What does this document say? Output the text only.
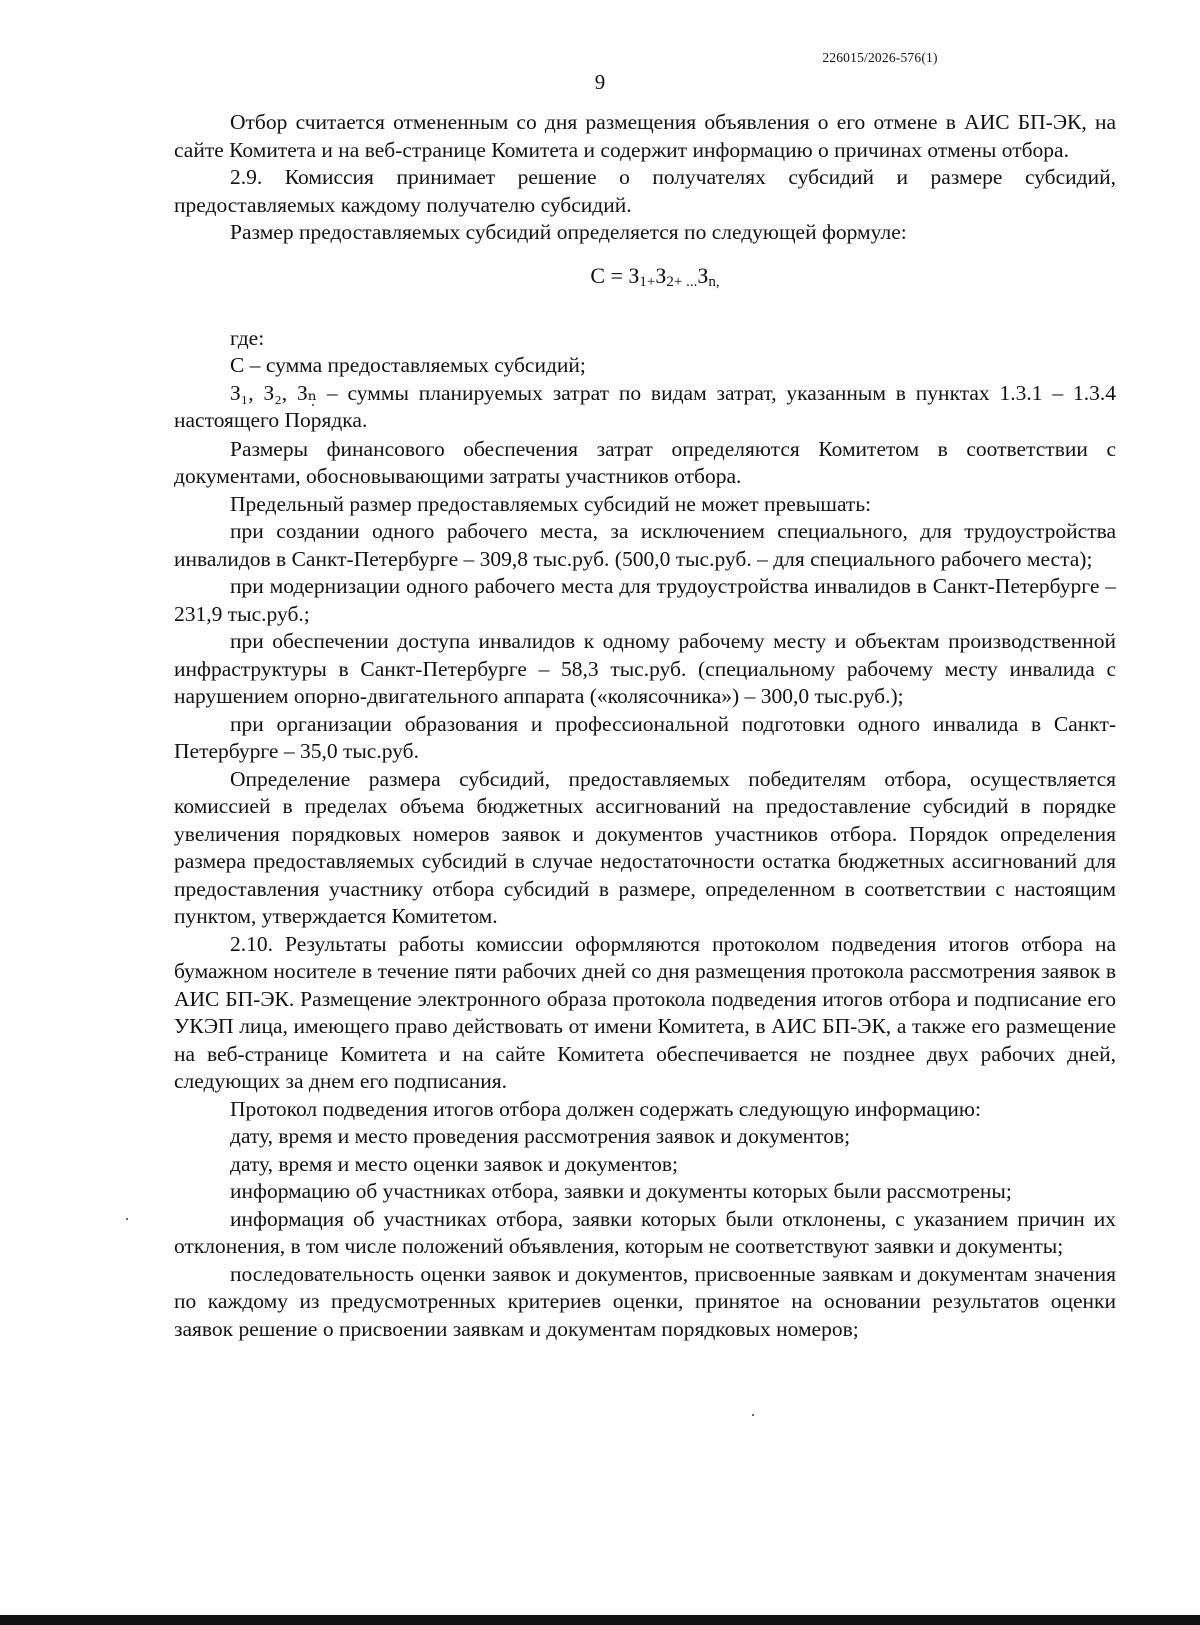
226015/2026-576(1)
9

Отбор считается отмененным со дня размещения объявления о его отмене в АИС БП-ЭК, на сайте Комитета и на веб-странице Комитета и содержит информацию о причинах отмены отбора.

2.9. Комиссия принимает решение о получателях субсидий и размере субсидий, предоставляемых каждому получателю субсидий.

Размер предоставляемых субсидий определяется по следующей формуле:

С = З1+З2+ ...Зn,

где:

С – сумма предоставляемых субсидий;

З₁, З₂, Зₙ – суммы планируемых затрат по видам затрат, указанным в пунктах 1.3.1 – 1.3.4 настоящего Порядка.

Размеры финансового обеспечения затрат определяются Комитетом в соответствии с документами, обосновывающими затраты участников отбора.

Предельный размер предоставляемых субсидий не может превышать:

при создании одного рабочего места, за исключением специального, для трудоустройства инвалидов в Санкт-Петербурге – 309,8 тыс.руб. (500,0 тыс.руб. – для специального рабочего места);

при модернизации одного рабочего места для трудоустройства инвалидов в Санкт-Петербурге – 231,9 тыс.руб.;

при обеспечении доступа инвалидов к одному рабочему месту и объектам производственной инфраструктуры в Санкт-Петербурге – 58,3 тыс.руб. (специальному рабочему месту инвалида с нарушением опорно-двигательного аппарата («колясочника») – 300,0 тыс.руб.);

при организации образования и профессиональной подготовки одного инвалида в Санкт-Петербурге – 35,0 тыс.руб.

Определение размера субсидий, предоставляемых победителям отбора, осуществляется комиссией в пределах объема бюджетных ассигнований на предоставление субсидий в порядке увеличения порядковых номеров заявок и документов участников отбора. Порядок определения размера предоставляемых субсидий в случае недостаточности остатка бюджетных ассигнований для предоставления участнику отбора субсидий в размере, определенном в соответствии с настоящим пунктом, утверждается Комитетом.

2.10. Результаты работы комиссии оформляются протоколом подведения итогов отбора на бумажном носителе в течение пяти рабочих дней со дня размещения протокола рассмотрения заявок в АИС БП-ЭК. Размещение электронного образа протокола подведения итогов отбора и подписание его УКЭП лица, имеющего право действовать от имени Комитета, в АИС БП-ЭК, а также его размещение на веб-странице Комитета и на сайте Комитета обеспечивается не позднее двух рабочих дней, следующих за днем его подписания.

Протокол подведения итогов отбора должен содержать следующую информацию:

дату, время и место проведения рассмотрения заявок и документов;

дату, время и место оценки заявок и документов;

информацию об участниках отбора, заявки и документы которых были рассмотрены;

информация об участниках отбора, заявки которых были отклонены, с указанием причин их отклонения, в том числе положений объявления, которым не соответствуют заявки и документы;

последовательность оценки заявок и документов, присвоенные заявкам и документам значения по каждому из предусмотренных критериев оценки, принятое на основании результатов оценки заявок решение о присвоении заявкам и документам порядковых номеров;
